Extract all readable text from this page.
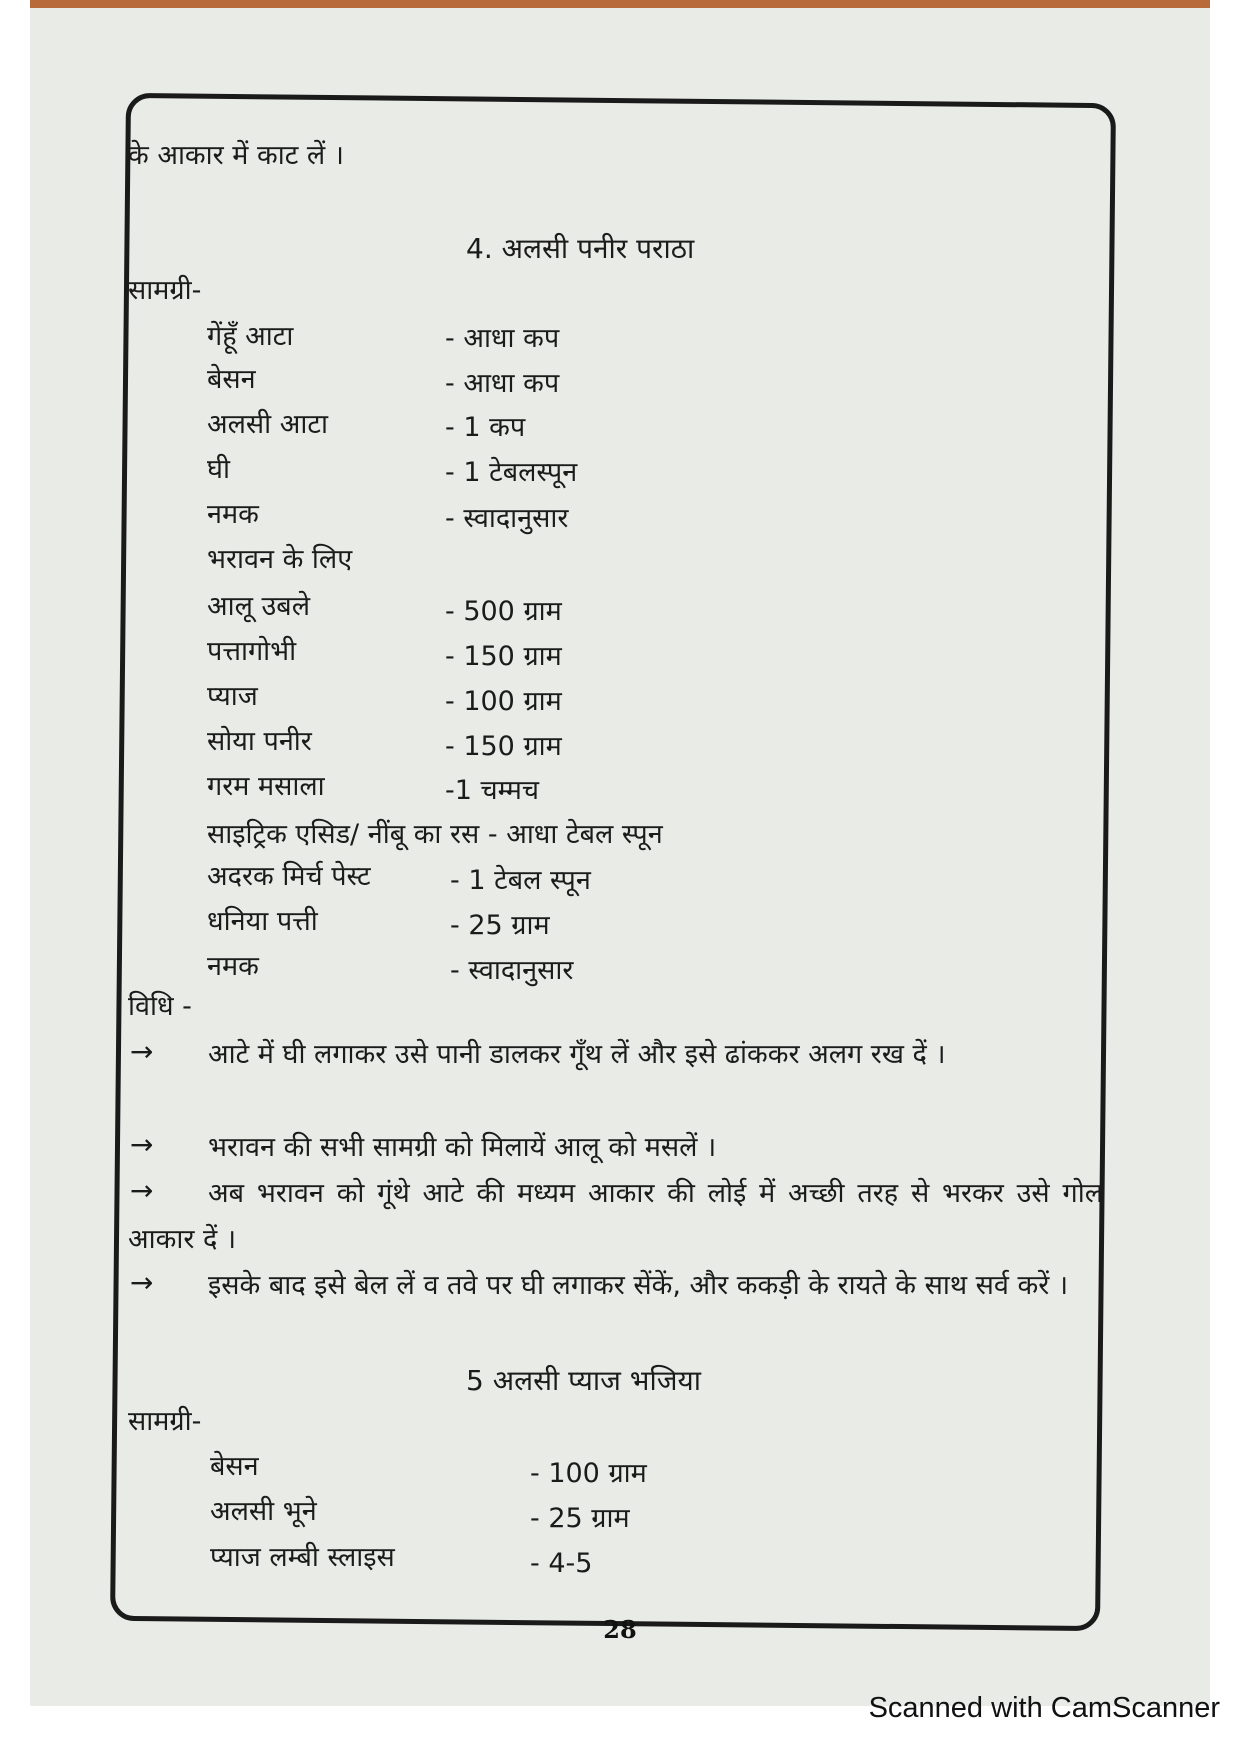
के आकार में काट लें ।
4. अलसी पनीर पराठा
सामग्री-
गेंहूँ आटा	- आधा कप
बेसन	- आधा कप
अलसी आटा	- 1 कप
घी	- 1 टेबलस्पून
नमक	- स्वादानुसार
भरावन के लिए
आलू उबले	- 500 ग्राम
पत्तागोभी	- 150 ग्राम
प्याज	- 100 ग्राम
सोया पनीर	- 150 ग्राम
गरम मसाला	-1 चम्मच
साइट्रिक एसिड/ नींबू का रस - आधा टेबल स्पून
अदरक मिर्च पेस्ट	- 1 टेबल स्पून
धनिया पत्ती	- 25 ग्राम
नमक	- स्वादानुसार
विधि -
→	आटे में घी लगाकर उसे पानी डालकर गूँथ लें और इसे ढांककर अलग रख दें ।
→	भरावन की सभी सामग्री को मिलायें आलू को मसलें ।
→	अब भरावन को गूंथे आटे की मध्यम आकार की लोई में अच्छी तरह से भरकर उसे गोल आकार दें ।
→	इसके बाद इसे बेल लें व तवे पर घी लगाकर सेंकें, और ककड़ी के रायते के साथ सर्व करें ।
5 अलसी प्याज भजिया
सामग्री-
बेसन	- 100 ग्राम
अलसी भूने	- 25 ग्राम
प्याज लम्बी स्लाइस	- 4-5
28
Scanned with CamScanner
